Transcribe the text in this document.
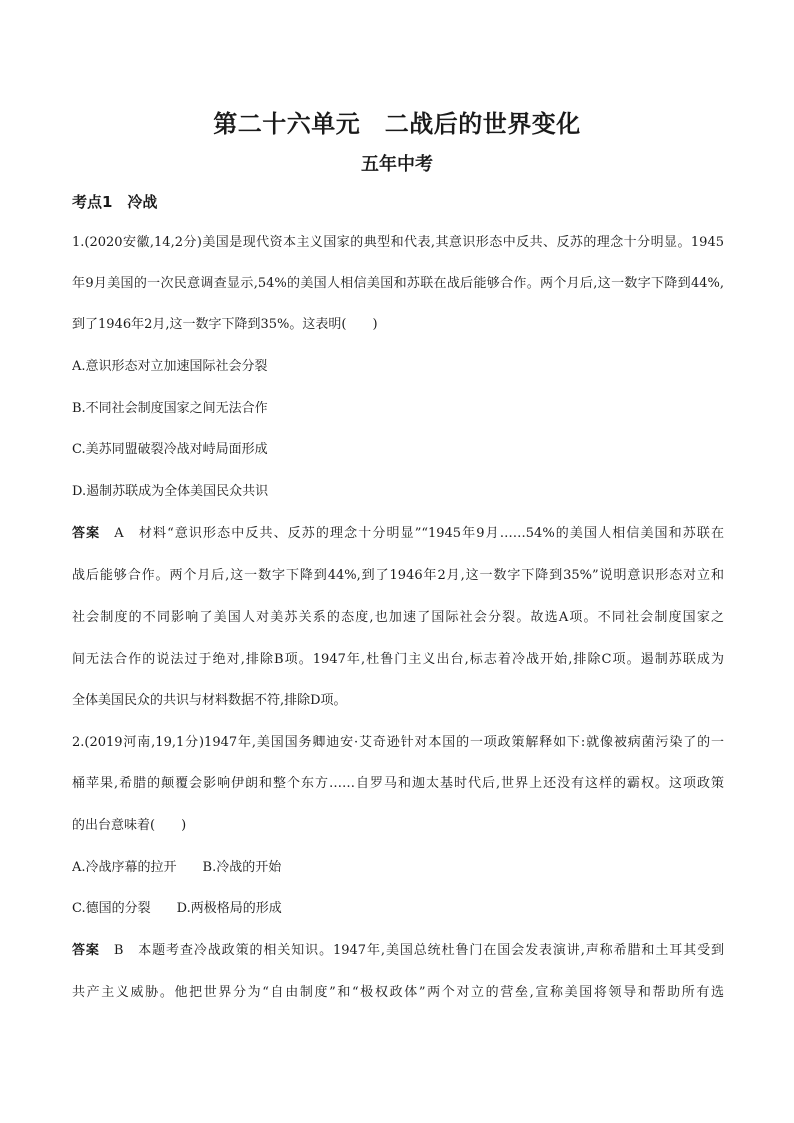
第二十六单元　二战后的世界变化
五年中考
考点1　冷战
1.(2020安徽,14,2分)美国是现代资本主义国家的典型和代表,其意识形态中反共、反苏的理念十分明显。1945
年9月美国的一次民意调查显示,54%的美国人相信美国和苏联在战后能够合作。两个月后,这一数字下降到44%,
到了1946年2月,这一数字下降到35%。这表明(　　)
A.意识形态对立加速国际社会分裂
B.不同社会制度国家之间无法合作
C.美苏同盟破裂冷战对峙局面形成
D.遏制苏联成为全体美国民众共识
答案 A　材料“意识形态中反共、反苏的理念十分明显”“1945年9月……54%的美国人相信美国和苏联在
战后能够合作。两个月后,这一数字下降到44%,到了1946年2月,这一数字下降到35%”说明意识形态对立和
社会制度的不同影响了美国人对美苏关系的态度,也加速了国际社会分裂。故选A项。不同社会制度国家之
间无法合作的说法过于绝对,排除B项。1947年,杜鲁门主义出台,标志着冷战开始,排除C项。遏制苏联成为
全体美国民众的共识与材料数据不符,排除D项。
2.(2019河南,19,1分)1947年,美国国务卿迪安·艾奇逊针对本国的一项政策解释如下:就像被病菌污染了的一
桶苹果,希腊的颠覆会影响伊朗和整个东方……自罗马和迦太基时代后,世界上还没有这样的霸权。这项政策
的出台意味着(　　)
A.冷战序幕的拉开　　B.冷战的开始
C.德国的分裂　　D.两极格局的形成
答案 B　本题考查冷战政策的相关知识。1947年,美国总统杜鲁门在国会发表演讲,声称希腊和土耳其受到
共产主义威胁。他把世界分为“自由制度”和“极权政体”两个对立的营垒,宣称美国将领导和帮助所有选
